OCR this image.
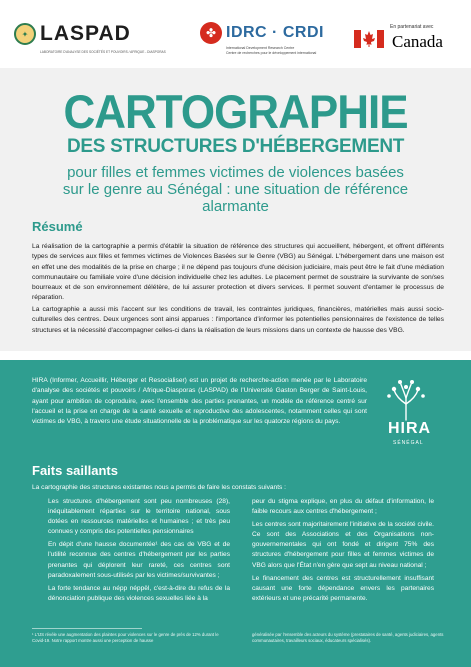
✦ LASPAD
LABORATOIRE D'ANALYSE DES SOCIÉTÉS ET POUVOIRS / AFRIQUE - DIASPORAS
✤ IDRC · CRDI
International Development Research Centre
Centre de recherches pour le développement international
En partenariat avec
Canada
CARTOGRAPHIE
DES STRUCTURES D'HÉBERGEMENT
pour filles et femmes victimes de violences basées sur le genre au Sénégal : une situation de référence alarmante
Résumé
La réalisation de la cartographie a permis d'établir la situation de référence des structures qui accueillent, hébergent, et offrent différents types de services aux filles et femmes victimes de Violences Basées sur le Genre (VBG) au Sénégal. L'hébergement dans une maison est en effet une des modalités de la prise en charge ; il ne dépend pas toujours d'une décision judiciaire, mais peut être le fait d'une médiation communautaire ou familiale voire d'une décision individuelle chez les adultes. Le placement permet de soustraire la survivante de son/ses bourreaux et de son environnement délétère, de lui assurer protection et divers services. Il permet souvent d'entamer le processus de réparation.
La cartographie a aussi mis l'accent sur les conditions de travail, les contraintes juridiques, financières, matérielles mais aussi socio-culturelles des centres. Deux urgences sont ainsi apparues : l'importance d'informer les potentielles pensionnaires de l'existence de telles structures et la nécessité d'accompagner celles-ci dans la réalisation de leurs missions dans un contexte de hausse des VBG.
HIRA (Informer, Accueillir, Héberger et Resocialiser) est un projet de recherche-action menée par le Laboratoire d'analyse des sociétés et pouvoirs / Afrique-Diasporas (LASPAD) de l'Université Gaston Berger de Saint-Louis, ayant pour ambition de coproduire, avec l'ensemble des parties prenantes, un modèle de référence centré sur l'accueil et la prise en charge de la santé sexuelle et reproductive des adolescentes, notamment celles qui sont victimes de VBG, à travers une étude situationnelle de la problématique sur les quatorze régions du pays.	HIRA
SÉNÉGAL
Faits saillants
La cartographie des structures existantes nous a permis de faire les constats suivants :

Les structures d'hébergement sont peu nombreuses (28), inéquitablement réparties sur le territoire national, sous dotées en ressources matérielles et humaines ; et très peu connues y compris des potentielles pensionnaires

En dépit d'une hausse documentée¹ des cas de VBG et de l'utilité reconnue des centres d'hébergement par les parties prenantes qui déplorent leur rareté, ces centres sont paradoxalement sous-utilisés par les victimes/survivantes ;

La forte tendance au népp néppël, c'est-à-dire du refus de la dénonciation publique des violences sexuelles liée à la

peur du stigma explique, en plus du défaut d'information, le faible recours aux centres d'hébergement ;

Les centres sont majoritairement l'initiative de la société civile. Ce sont des Associations et des Organisations non-gouvernementales qui ont fondé et dirigent 75% des structures d'hébergement pour filles et femmes victimes de VBG alors que l'État n'en gère que sept au niveau national ;

Le financement des centres est structurellement insuffisant causant une forte dépendance envers les partenaires extérieurs et une précarité permanente.

¹ L'IJS révèle une augmentation des plaintes pour violences sur le genre de près de 12% durant le Covid-19. Notre rapport montre aussi une perception de hausse
généralisée par l'ensemble des acteurs du système (prestataires de santé, agents judiciaires, agents communautaires, travailleurs sociaux, éducateurs spécialisés).
